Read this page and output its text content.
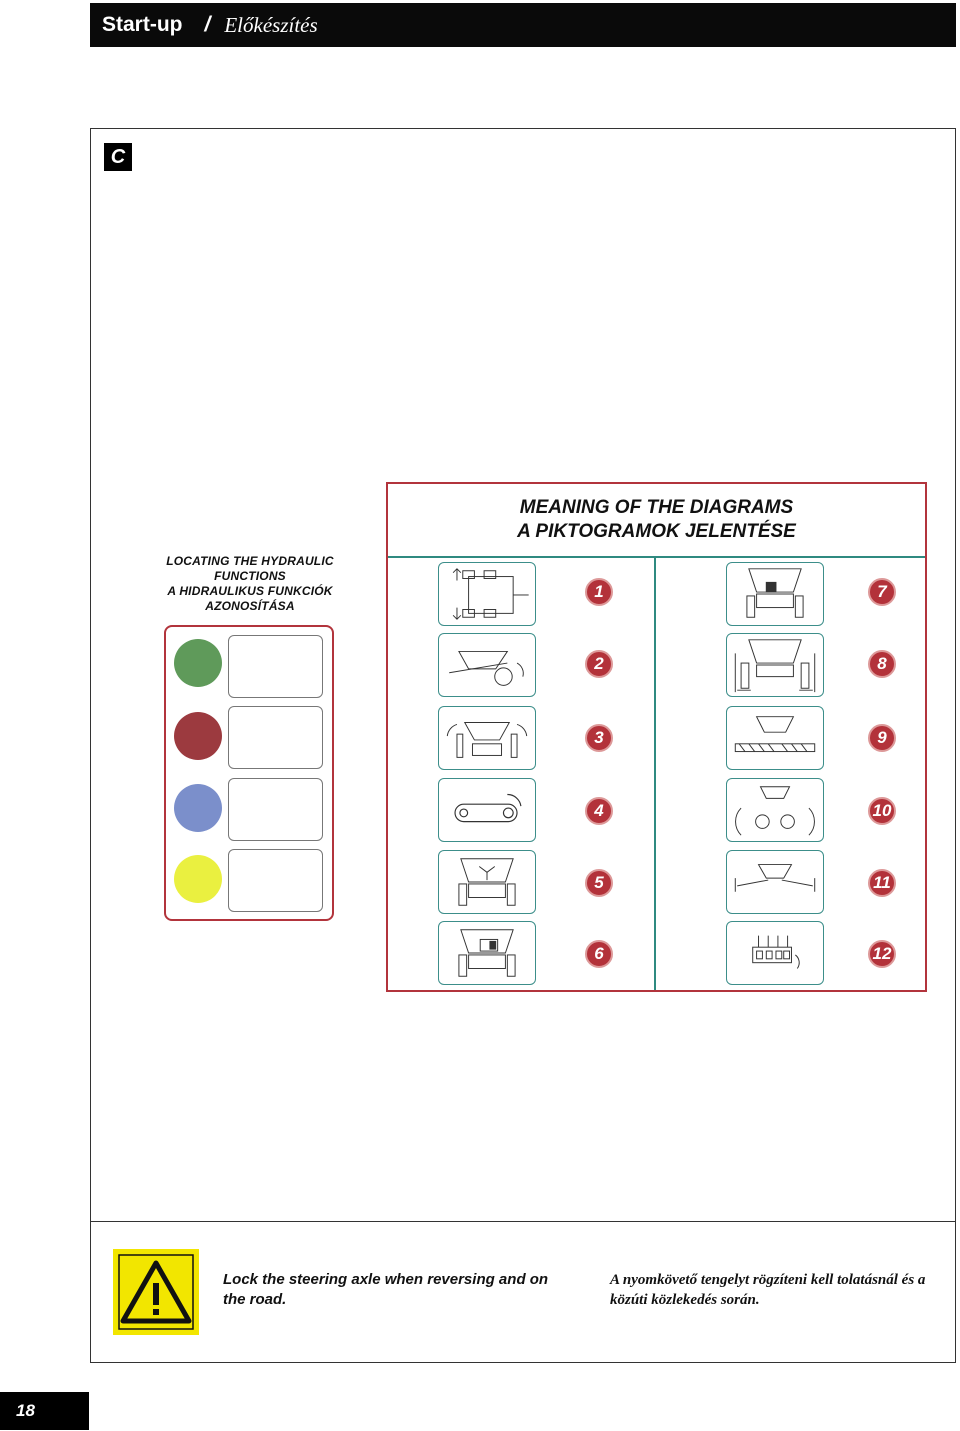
Start-up / Előkészítés
C
LOCATING THE HYDRAULIC
FUNCTIONS
A HIDRAULIKUS FUNKCIÓK
AZONOSÍTÁSA
MEANING OF THE DIAGRAMS
A PIKTOGRAMOK JELENTÉSE
1
2
3
4
5
6
7
8
9
10
11
12
Lock the steering axle when reversing and on the road.
A nyomkövető tengelyt rögzíteni kell tolatásnál és a közúti közlekedés során.
18
